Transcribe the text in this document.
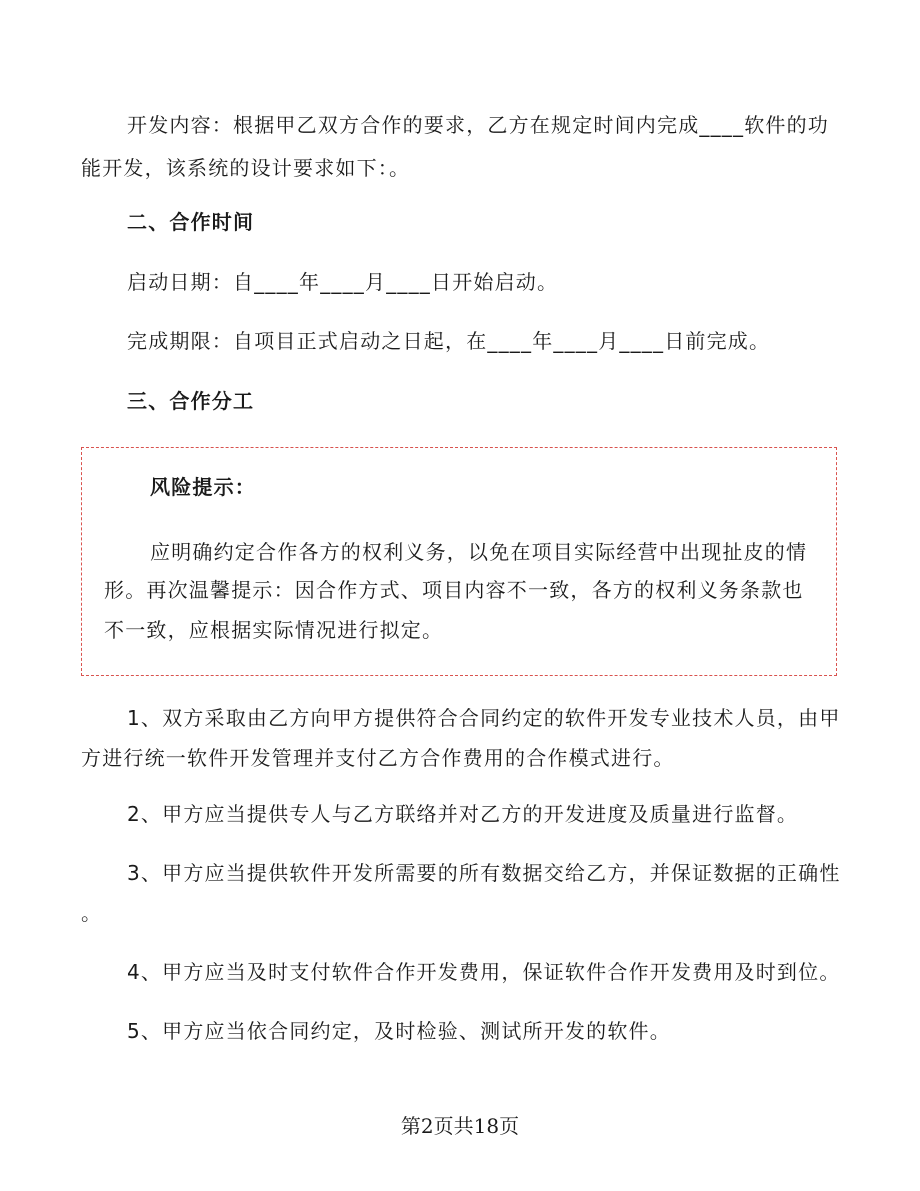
开发内容：根据甲乙双方合作的要求，乙方在规定时间内完成____软件的功
能开发，该系统的设计要求如下：。
二、合作时间
启动日期：自____年____月____日开始启动。
完成期限：自项目正式启动之日起，在____年____月____日前完成。
三、合作分工
风险提示：
应明确约定合作各方的权利义务，以免在项目实际经营中出现扯皮的情
形。再次温馨提示：因合作方式、项目内容不一致，各方的权利义务条款也
不一致，应根据实际情况进行拟定。
1、双方采取由乙方向甲方提供符合合同约定的软件开发专业技术人员，由甲
方进行统一软件开发管理并支付乙方合作费用的合作模式进行。
2、甲方应当提供专人与乙方联络并对乙方的开发进度及质量进行监督。
3、甲方应当提供软件开发所需要的所有数据交给乙方，并保证数据的正确性
。
4、甲方应当及时支付软件合作开发费用，保证软件合作开发费用及时到位。
5、甲方应当依合同约定，及时检验、测试所开发的软件。
第2页共18页
